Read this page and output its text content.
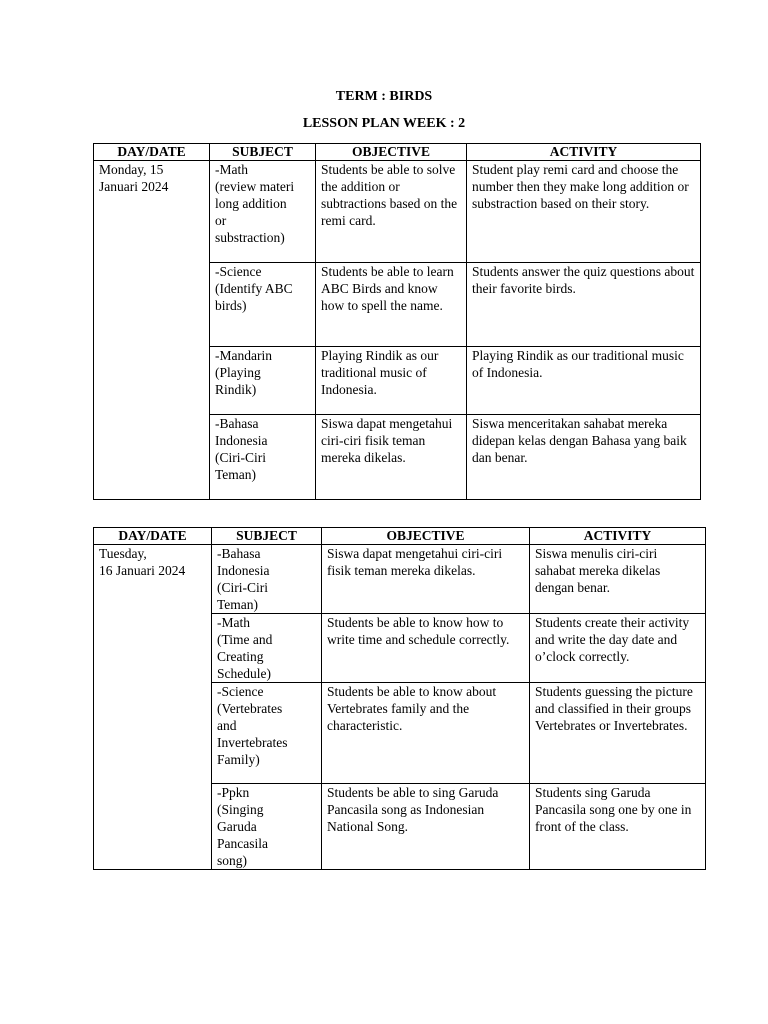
TERM : BIRDS
LESSON PLAN WEEK : 2
DAY/DATE	SUBJECT	OBJECTIVE	ACTIVITY
Monday, 15
Januari 2024	-Math
(review materi
long addition
or
substraction)	Students be able to solve the addition or subtractions based on the remi card.	Student play remi card and choose the number then they make long addition or substraction based on their story.
	-Science
(Identify ABC
birds)	Students be able to learn ABC Birds and know how to spell the name.	Students answer the quiz questions about their favorite birds.
	-Mandarin
(Playing
Rindik)	Playing Rindik as our traditional music of Indonesia.	Playing Rindik as our traditional music of Indonesia.
	-Bahasa
Indonesia
(Ciri-Ciri
Teman)	Siswa dapat mengetahui ciri-ciri fisik teman mereka dikelas.	Siswa menceritakan sahabat mereka didepan kelas dengan Bahasa yang baik dan benar.
DAY/DATE	SUBJECT	OBJECTIVE	ACTIVITY
Tuesday,
16 Januari 2024	-Bahasa
Indonesia
(Ciri-Ciri
Teman)	Siswa dapat mengetahui ciri-ciri fisik teman mereka dikelas.	Siswa menulis ciri-ciri sahabat mereka dikelas dengan benar.
	-Math
(Time and
Creating
Schedule)	Students be able to know how to write time and schedule correctly.	Students create their activity and write the day date and o’clock correctly.
	-Science
(Vertebrates
and
Invertebrates
Family)	Students be able to know about Vertebrates family and the characteristic.	Students guessing the picture and classified in their groups Vertebrates or Invertebrates.
	-Ppkn
(Singing
Garuda
Pancasila
song)	Students be able to sing Garuda Pancasila song as Indonesian National Song.	Students sing Garuda Pancasila song one by one in front of the class.
